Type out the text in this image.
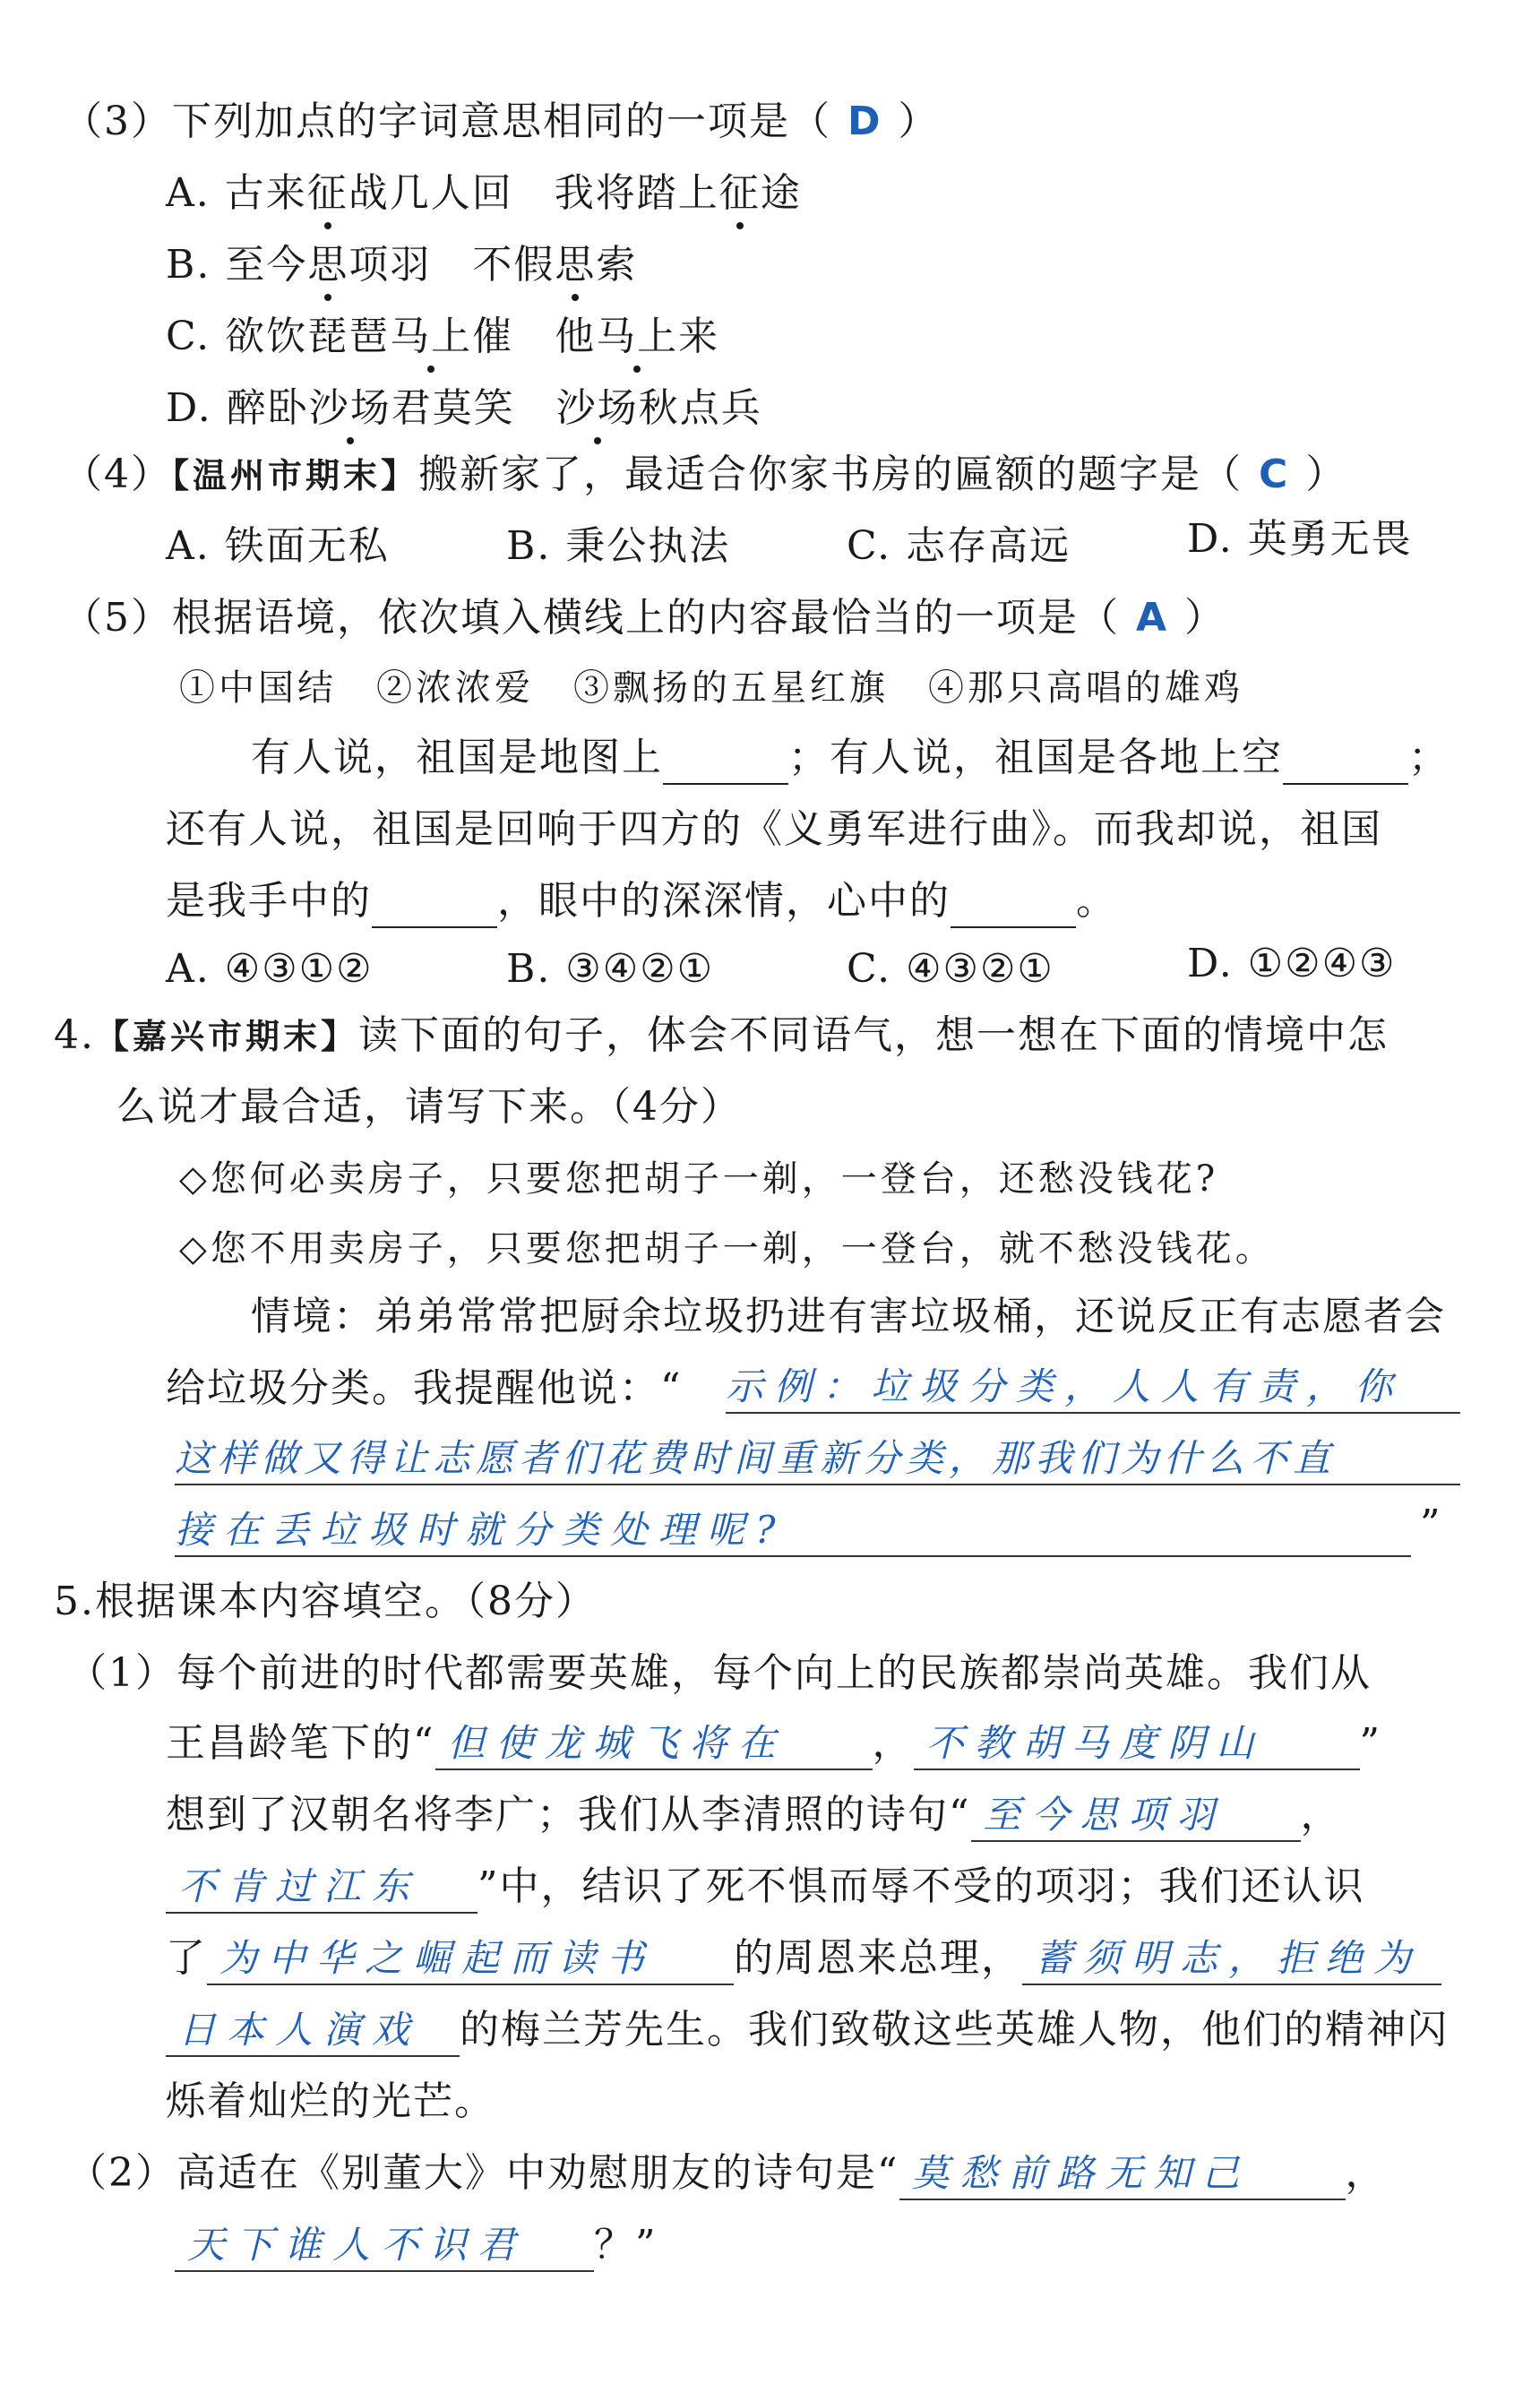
（3）下列加点的字词意思相同的一项是（ D ）
A. 古来征战几人回　我将踏上征途
B. 至今思项羽　不假思索
C. 欲饮琵琶马上催　他马上来
D. 醉卧沙场君莫笑　沙场秋点兵
（4）【温州市期末】搬新家了，最适合你家书房的匾额的题字是（ C ）
A. 铁面无私	B. 秉公执法	C. 志存高远	D. 英勇无畏
（5）根据语境，依次填入横线上的内容最恰当的一项是（ A ）
①中国结　②浓浓爱　③飘扬的五星红旗　④那只高唱的雄鸡
有人说，祖国是地图上	；有人说，祖国是各地上空	；
还有人说，祖国是回响于四方的《义勇军进行曲》。而我却说，祖国
是我手中的	，眼中的深深情，心中的	。
A. ④③①②	B. ③④②①	C. ④③②①	D. ①②④③
4.【嘉兴市期末】读下面的句子，体会不同语气，想一想在下面的情境中怎
么说才最合适，请写下来。（4分）
◇您何必卖房子，只要您把胡子一剃，一登台，还愁没钱花?
◇您不用卖房子，只要您把胡子一剃，一登台，就不愁没钱花。
情境：弟弟常常把厨余垃圾扔进有害垃圾桶，还说反正有志愿者会
给垃圾分类。我提醒他说：“ 示例：垃圾分类，人人有责，你
这样做又得让志愿者们花费时间重新分类，那我们为什么不直
接在丢垃圾时就分类处理呢?	”
5.根据课本内容填空。（8分）
（1）每个前进的时代都需要英雄，每个向上的民族都崇尚英雄。我们从
王昌龄笔下的“ 但使龙城飞将在 ， 不教胡马度阴山 ”
想到了汉朝名将李广；我们从李清照的诗句“ 至今思项羽 ，
不肯过江东 ”中，结识了死不惧而辱不受的项羽；我们还认识
了 为中华之崛起而读书 的周恩来总理， 蓄须明志，拒绝为
日本人演戏 的梅兰芳先生。我们致敬这些英雄人物，他们的精神闪
烁着灿烂的光芒。
（2）高适在《别董大》中劝慰朋友的诗句是“ 莫愁前路无知己 ，
天下谁人不识君 ？”
